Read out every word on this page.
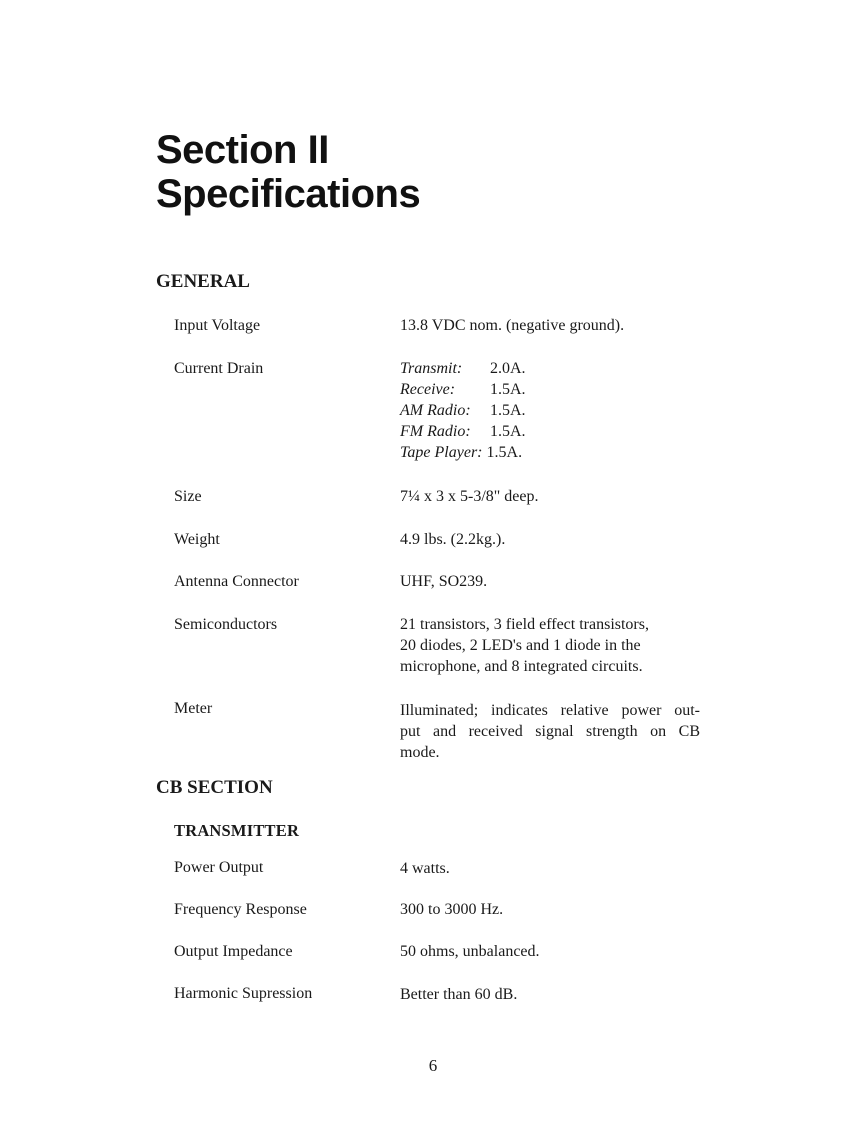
Section II
Specifications
GENERAL
Input Voltage	13.8 VDC nom. (negative ground).
Current Drain	Transmit:	2.0A.
Receive:	1.5A.
AM Radio:	1.5A.
FM Radio:	1.5A.
Tape Player: 1.5A.
Size	7¼ x 3 x 5-3/8" deep.
Weight	4.9 lbs. (2.2kg.).
Antenna Connector	UHF, SO239.
Semiconductors	21 transistors, 3 field effect transistors,
20 diodes, 2 LED's and 1 diode in the
microphone, and 8 integrated circuits.
Meter	Illuminated; indicates relative power out-
put and received signal strength on CB
mode.
CB SECTION
TRANSMITTER
Power Output	4 watts.
Frequency Response	300 to 3000 Hz.
Output Impedance	50 ohms, unbalanced.
Harmonic Supression	Better than 60 dB.
6
